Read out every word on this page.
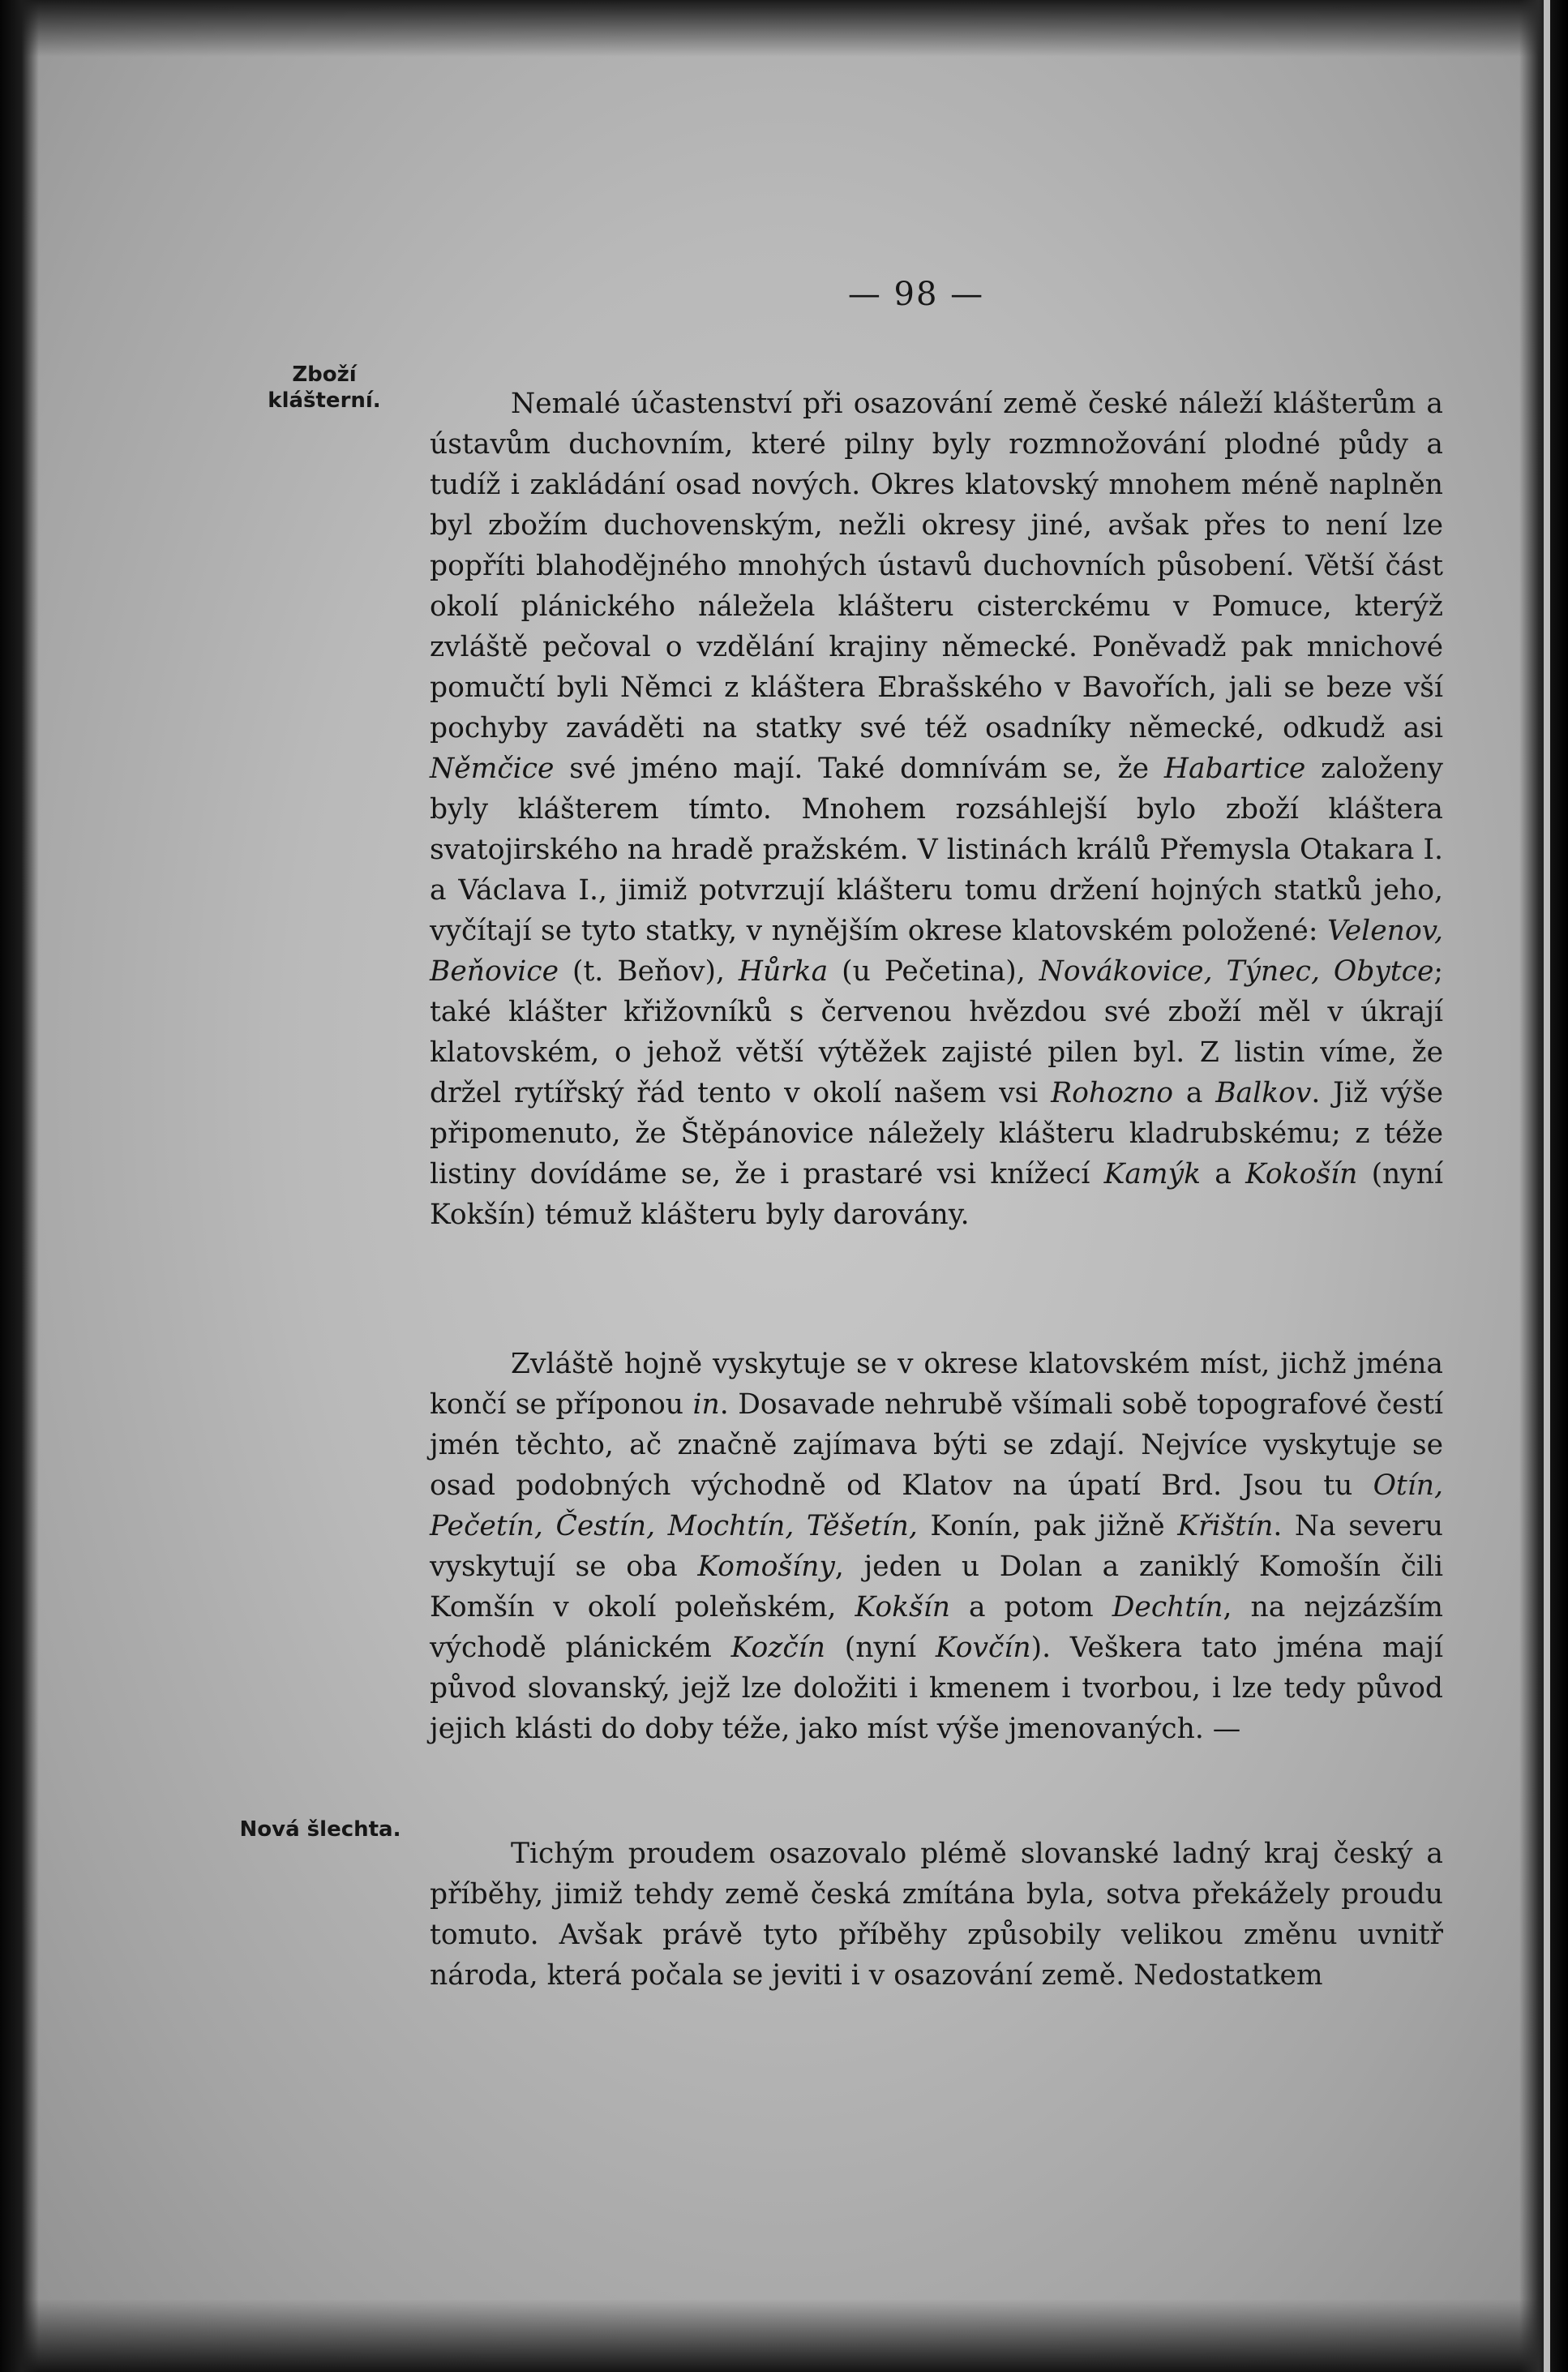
— 98 —
Zboží klášterní.
Nová šlechta.

Nemalé účastenství při osazování země české náleží klášterům a ústavům duchovním, které pilny byly rozmnožování plodné půdy a tudíž i zakládání osad nových. Okres klatovský mnohem méně naplněn byl zbožím duchovenským, nežli okresy jiné, avšak přes to není lze popříti blahodějného mnohých ústavů duchovních působení. Větší část okolí plánického náležela klášteru cisterckému v Pomuce, kterýž zvláště pečoval o vzdělání krajiny německé. Poněvadž pak mnichové pomučtí byli Němci z kláštera Ebrašského v Bavořích, jali se beze vší pochyby zaváděti na statky své též osadníky německé, odkudž asi Němčice své jméno mají. Také domnívám se, že Habartice založeny byly klášterem tímto. Mnohem rozsáhlejší bylo zboží kláštera svatojirského na hradě pražském. V listinách králů Přemysla Otakara I. a Václava I., jimiž potvrzují klášteru tomu držení hojných statků jeho, vyčítají se tyto statky, v nynějším okrese klatovském položené: Velenov, Beňovice (t. Beňov), Hůrka (u Pečetina), Novákovice, Týnec, Obytce; také klášter křižovníků s červenou hvězdou své zboží měl v úkrají klatovském, o jehož větší výtěžek zajisté pilen byl. Z listin víme, že držel rytířský řád tento v okolí našem vsi Rohozno a Balkov. Již výše připomenuto, že Štěpánovice náležely klášteru kladrubskému; z téže listiny dovídáme se, že i prastaré vsi knížecí Kamýk a Kokošín (nyní Kokšín) témuž klášteru byly darovány.

Zvláště hojně vyskytuje se v okrese klatovském míst, jichž jména končí se příponou in. Dosavade nehrubě všímali sobě topografové čestí jmén těchto, ač značně zajímava býti se zdají. Nejvíce vyskytuje se osad podobných východně od Klatov na úpatí Brd. Jsou tu Otín, Pečetín, Čestín, Mochtín, Těšetín, Konín, pak jižně Křištín. Na severu vyskytují se oba Komošíny, jeden u Dolan a zaniklý Komošín čili Komšín v okolí poleňském, Kokšín a potom Dechtín, na nejzázším východě plánickém Kozčín (nyní Kovčín). Veškera tato jména mají původ slovanský, jejž lze doložiti i kmenem i tvorbou, i lze tedy původ jejich klásti do doby téže, jako míst výše jmenovaných. —

Tichým proudem osazovalo plémě slovanské ladný kraj český a příběhy, jimiž tehdy země česká zmítána byla, sotva překážely proudu tomuto. Avšak právě tyto příběhy způsobily velikou změnu uvnitř národa, která počala se jeviti i v osazování země. Nedostatkem
